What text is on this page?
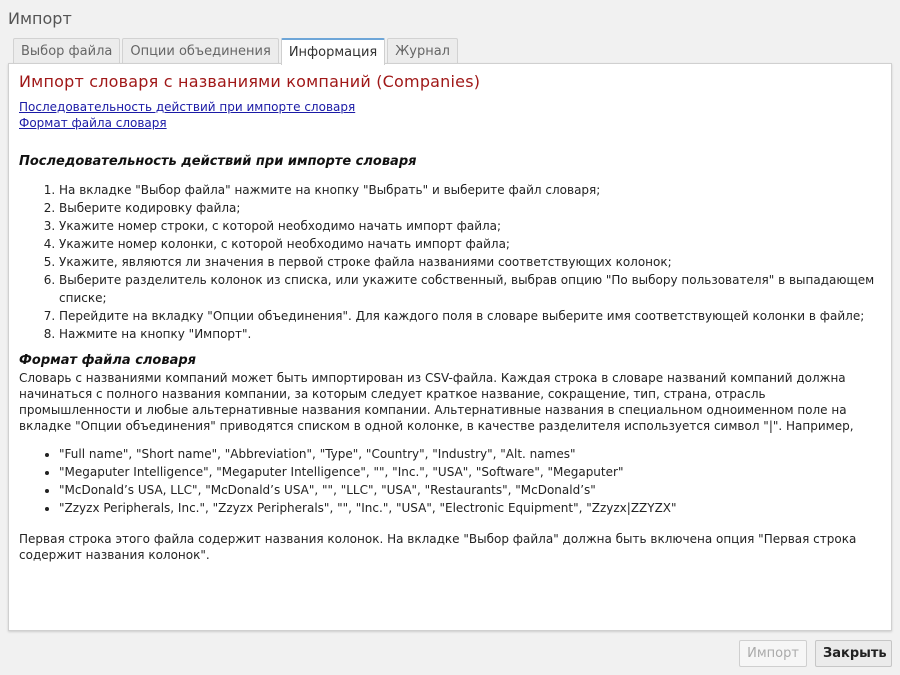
Импорт
Выбор файла	Опции объединения	Информация	Журнал
Импорт словаря с названиями компаний (Companies)
Последовательность действий при импорте словаря
Формат файла словаря
Последовательность действий при импорте словаря
1. На вкладке "Выбор файла" нажмите на кнопку "Выбрать" и выберите файл словаря;
2. Выберите кодировку файла;
3. Укажите номер строки, с которой необходимо начать импорт файла;
4. Укажите номер колонки, с которой необходимо начать импорт файла;
5. Укажите, являются ли значения в первой строке файла названиями соответствующих колонок;
6. Выберите разделитель колонок из списка, или укажите собственный, выбрав опцию "По выбору пользователя" в выпадающем списке;
7. Перейдите на вкладку "Опции объединения". Для каждого поля в словаре выберите имя соответствующей колонки в файле;
8. Нажмите на кнопку "Импорт".
Формат файла словаря

Словарь с названиями компаний может быть импортирован из CSV-файла. Каждая строка в словаре названий компаний должна начинаться с полного названия компании, за которым следует краткое название, сокращение, тип, страна, отрасль промышленности и любые альтернативные названия компании. Альтернативные названия в специальном одноименном поле на вкладке "Опции объединения" приводятся списком в одной колонке, в качестве разделителя используется символ "|". Например,

• "Full name", "Short name", "Abbreviation", "Type", "Country", "Industry", "Alt. names"
• "Megaputer Intelligence", "Megaputer Intelligence", "", "Inc.", "USA", "Software", "Megaputer"
• "McDonald’s USA, LLC", "McDonald’s USA", "", "LLC", "USA", "Restaurants", "McDonald’s"
• "Zzyzx Peripherals, Inc.", "Zzyzx Peripherals", "", "Inc.", "USA", "Electronic Equipment", "Zzyzx|ZZYZX"

Первая строка этого файла содержит названия колонок. На вкладке "Выбор файла" должна быть включена опция "Первая строка содержит названия колонок".

Импорт	Закрыть
